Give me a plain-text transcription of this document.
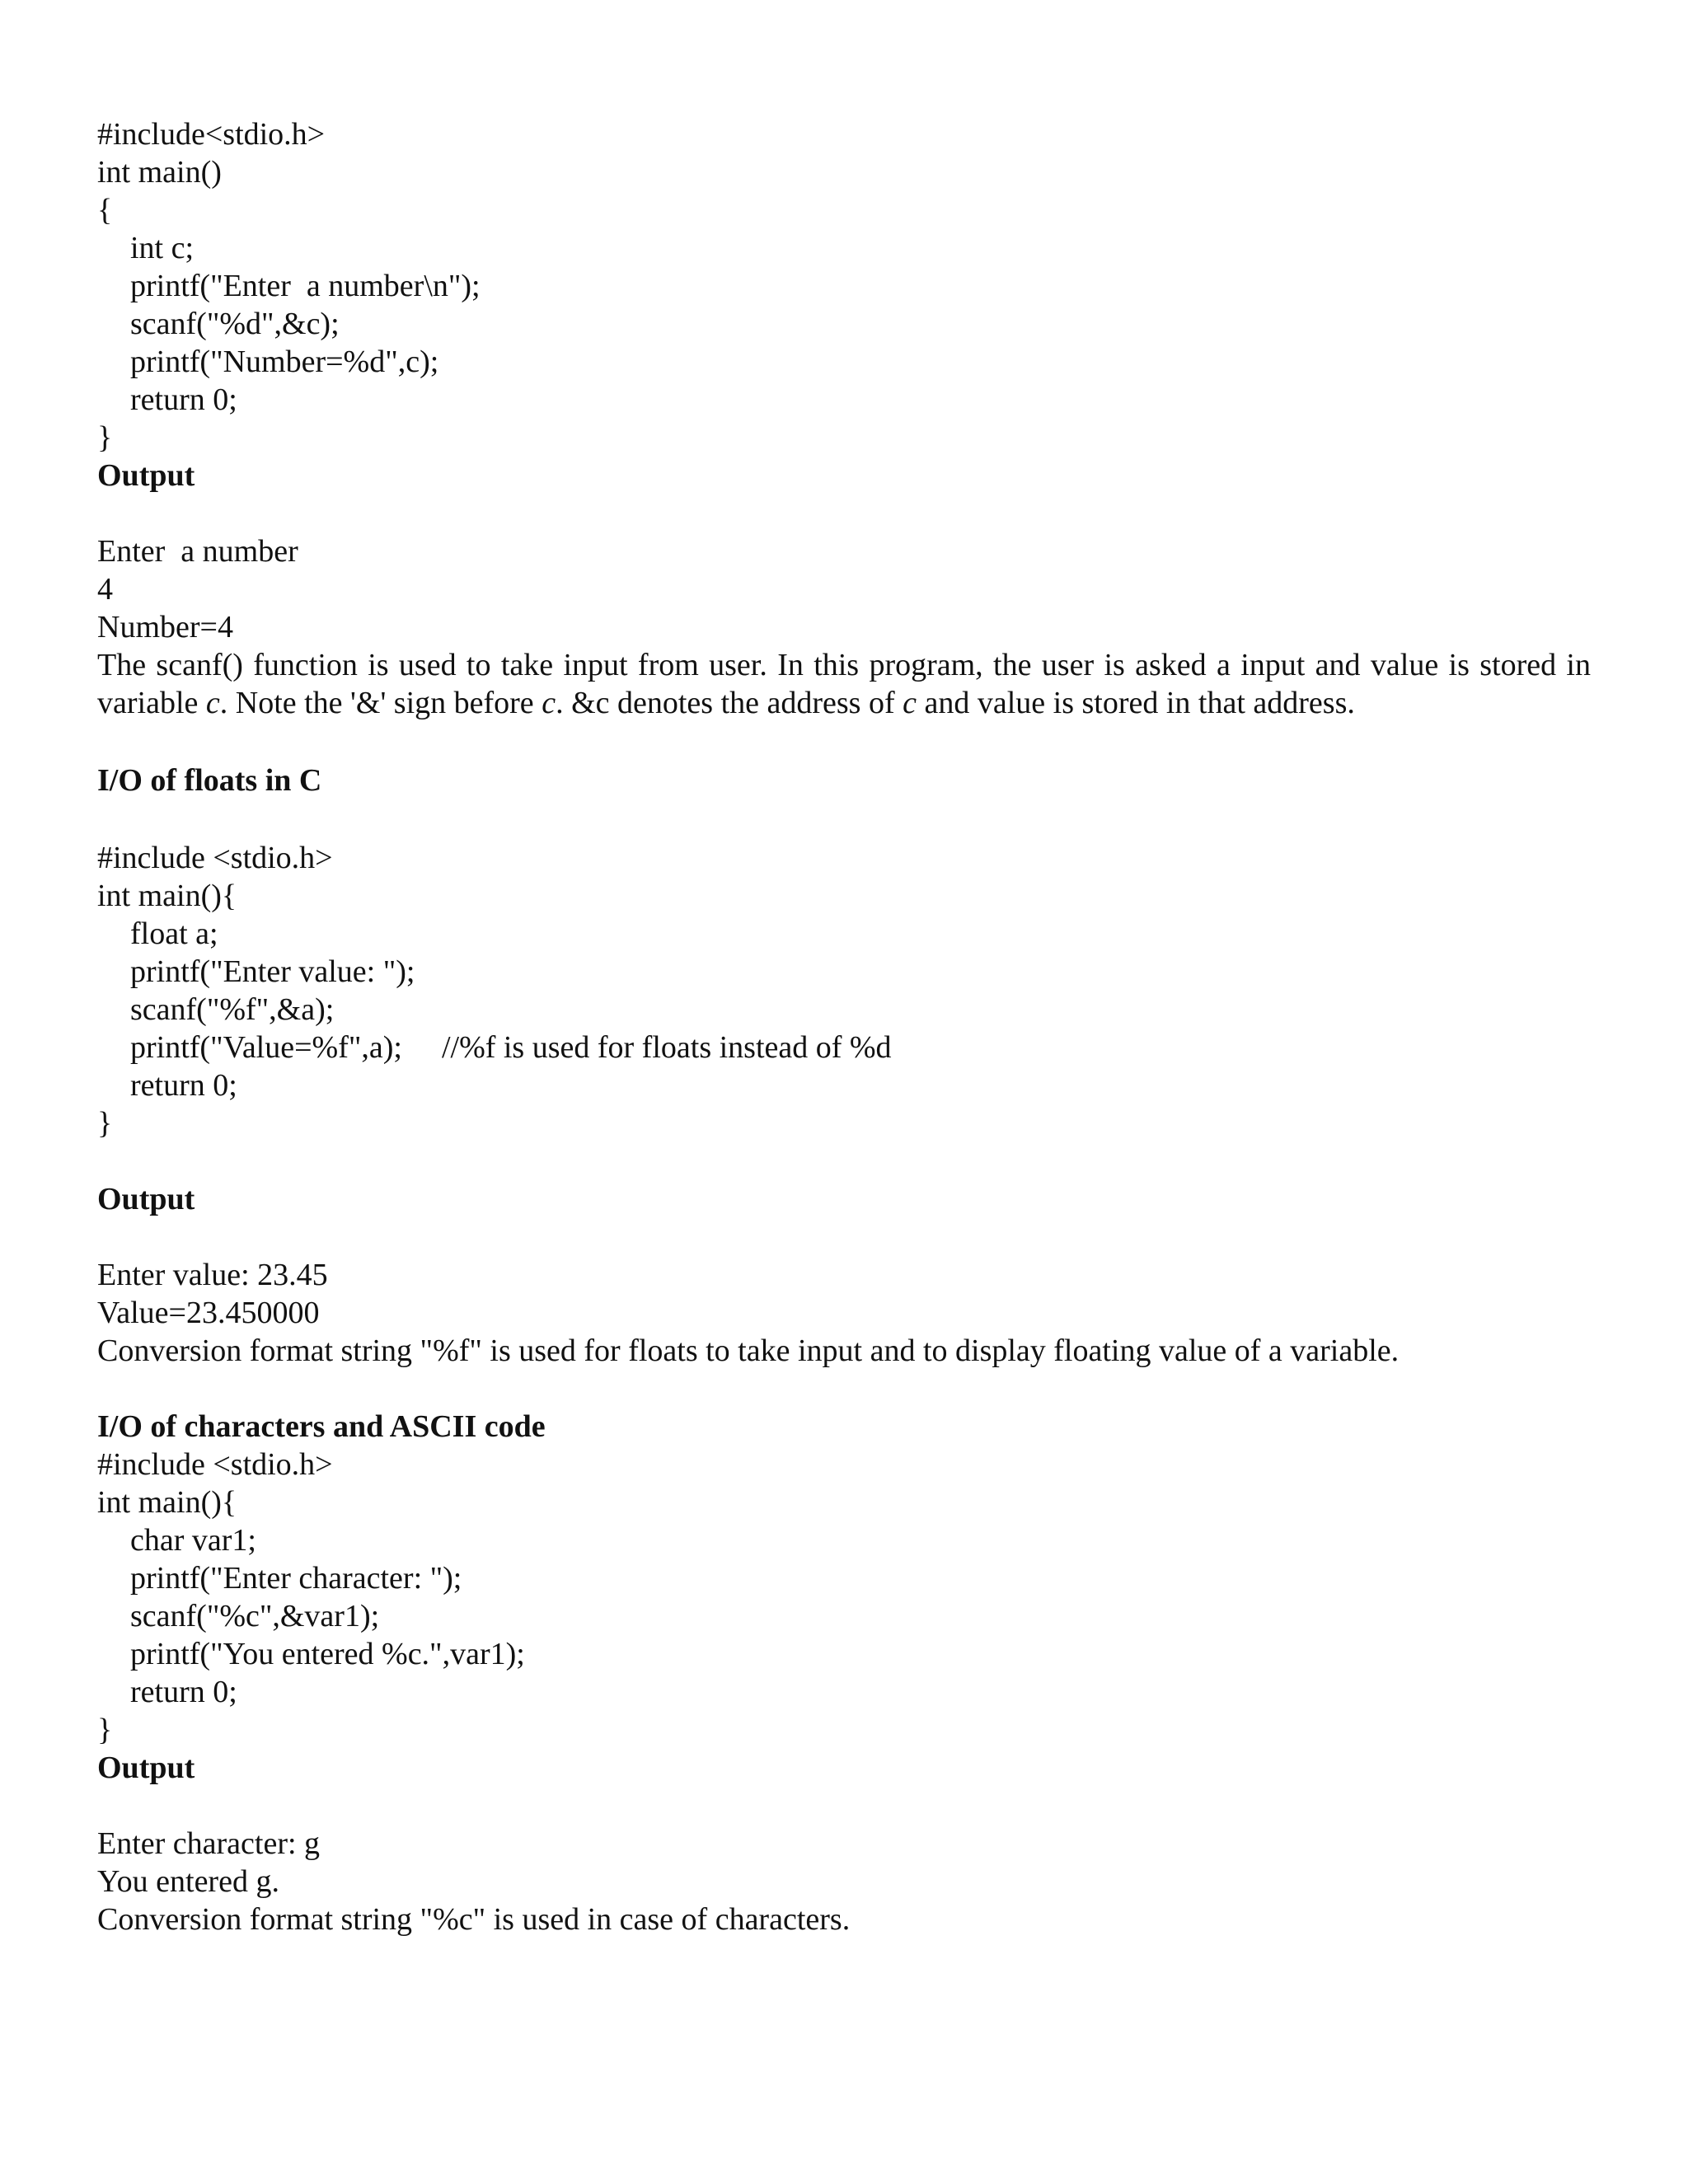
#include<stdio.h>
int main()
{
int c;
printf("Enter  a number\n");
scanf("%d",&c);
printf("Number=%d",c);
return 0;
}
Output
Enter  a number
4
Number=4
The scanf() function is used to take input from user. In this program, the user is asked a input and value is stored in variable c. Note the '&' sign before c. &c denotes the address of c and value is stored in that address.
I/O of floats in C
#include <stdio.h>
int main(){
float a;
printf("Enter value: ");
scanf("%f",&a);
printf("Value=%f",a); //%f is used for floats instead of %d
return 0;
}
Output
Enter value: 23.45
Value=23.450000
Conversion format string "%f" is used for floats to take input and to display floating value of a variable.
I/O of characters and ASCII code
#include <stdio.h>
int main(){
char var1;
printf("Enter character: ");
scanf("%c",&var1);
printf("You entered %c.",var1);
return 0;
}
Output
Enter character: g
You entered g.
Conversion format string "%c" is used in case of characters.
